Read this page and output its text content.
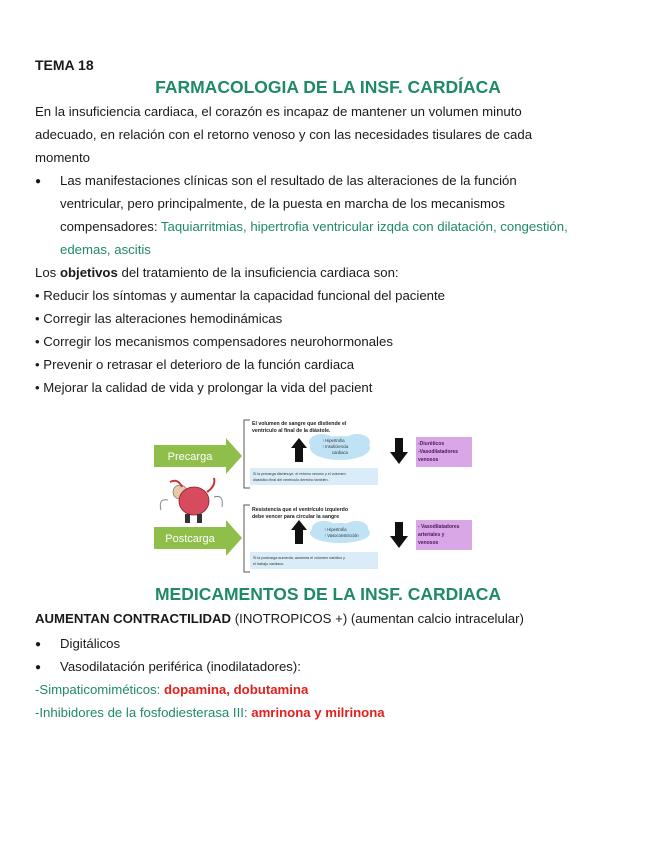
TEMA 18
FARMACOLOGIA DE LA INSF. CARDÍACA
En la insuficiencia cardiaca, el corazón es incapaz de mantener un volumen minuto
adecuado, en relación con el retorno venoso y con las necesidades tisulares de cada
momento
● Las manifestaciones clínicas son el resultado de las alteraciones de la función
ventricular, pero principalmente, de la puesta en marcha de los mecanismos
compensadores: Taquiarritmias, hipertrofia ventricular izqda con dilatación, congestión,
edemas, ascitis
Los objetivos del tratamiento de la insuficiencia cardiaca son:
• Reducir los síntomas y aumentar la capacidad funcional del paciente
• Corregir las alteraciones hemodinámicas
• Corregir los mecanismos compensadores neurohormonales
• Prevenir o retrasar el deterioro de la función cardiaca
• Mejorar la calidad de vida y prolongar la vida del pacient
Precarga
Postcarga
El volumen de sangre que distiende el
ventrículo al final de la diástole.
↑ Hipertrofia
↑ Insuficiencia
cardiaca
Si la precarga disminuye, el retorno venoso y el volumen
diastólico final del ventrículo derecho también.
-Diuréticos
-Vasodilatadores
venosos
Resistencia que el ventrículo izquierdo
debe vencer para circular la sangre
↑ Hipertrofia
↑ Vasoconstricción
Si la postcarga aumenta, aumenta el volumen sistólico y
el trabajo cardiaco.
- Vasodilatadores
arteriales y
venosos
MEDICAMENTOS DE LA INSF. CARDIACA
AUMENTAN CONTRACTILIDAD (INOTROPICOS +) (aumentan calcio intracelular)
● Digitálicos
● Vasodilatación periférica (inodilatadores):
-Simpaticomiméticos: dopamina, dobutamina
-Inhibidores de la fosfodiesterasa III: amrinona y milrinona
